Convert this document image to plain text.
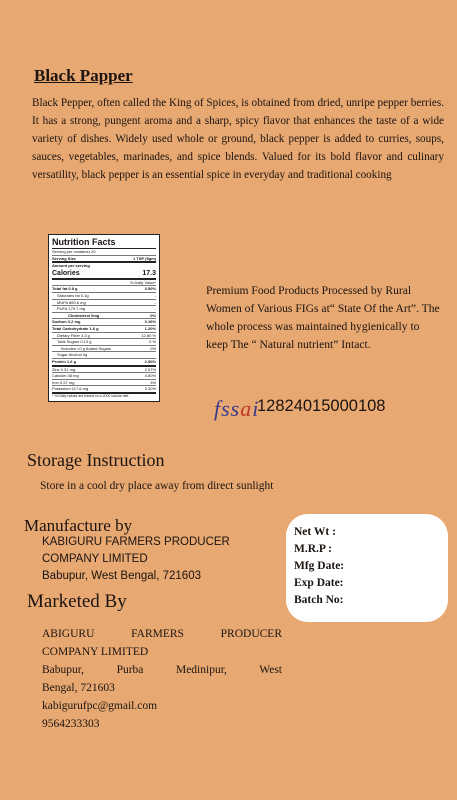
Black Papper
Black Pepper, often called the King of Spices, is obtained from dried, unripe pepper berries. It has a strong, pungent aroma and a sharp, spicy flavor that enhances the taste of a wide variety of dishes. Widely used whole or ground, black pepper is added to curries, soups, sauces, vegetables, marinades, and spice blends. Valued for its bold flavor and culinary versatility, black pepper is an essential spice in everyday and traditional cooking
Nutrition Facts
Serving per container 20
Serving Size	1 TSP (5gm)
Amount per serving
Calories	17.3
% Daily Value*
Total fat 0.8 g	3.50%
Saturates fat 0.1g	-
MUFA 860.8 mg	-
PUFA 179.7 mg	-
Cholesterol 0mg	0%
Sodium 3.2 mg	0.16%
Total Carbohydrate 1.6 g	1.20%
Dietary Fiber 3.3 g	12.80 %
Total Sugars 0.13 g	0 %
Includes <0 g Added Sugars	0%
Sugar Alcohol 0g
Protein 1.6 g	2.90%
Zinc 0.31 mg	2.07%
Calcium 48 mg	4.80%
Iron 0.57 mg	3%
Potassium 117.6 mg	3.30%
* % Daily values are based on a 2000 calorie diet.
Premium Food Products Processed by Rural Women of Various FIGs at“ State Of the Art”. The whole process was maintained hygienically to keep The “ Natural nutrient” Intact.
fssai
12824015000108
Storage Instruction
Store in a cool dry place away from direct sunlight
Manufacture by
KABIGURU FARMERS PRODUCER
COMPANY LIMITED
Babupur, West Bengal, 721603
Marketed By
ABIGURU FARMERS PRODUCER
COMPANY LIMITED
Babupur, Purba Medinipur, West
Bengal, 721603
kabigurufpc@gmail.com
9564233303
Net Wt :
M.R.P :
Mfg Date:
Exp Date:
Batch No:
